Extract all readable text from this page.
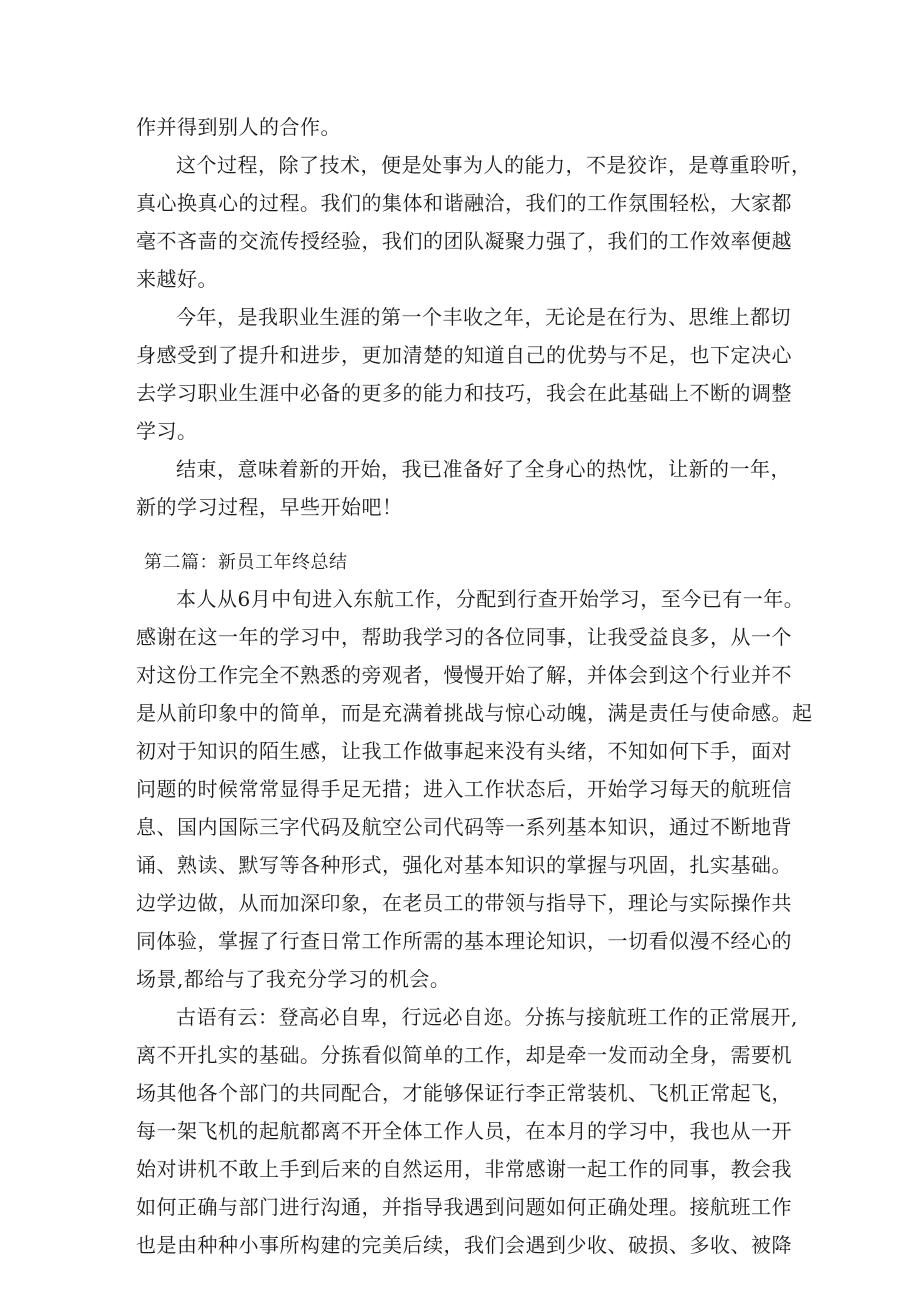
作并得到别人的合作。
这个过程，除了技术，便是处事为人的能力，不是狡诈，是尊重聆听，
真心换真心的过程。我们的集体和谐融洽，我们的工作氛围轻松，大家都
毫不吝啬的交流传授经验，我们的团队凝聚力强了，我们的工作效率便越
来越好。
今年，是我职业生涯的第一个丰收之年，无论是在行为、思维上都切
身感受到了提升和进步，更加清楚的知道自己的优势与不足，也下定决心
去学习职业生涯中必备的更多的能力和技巧，我会在此基础上不断的调整
学习。
结束，意味着新的开始，我已准备好了全身心的热忱，让新的一年，
新的学习过程，早些开始吧！
第二篇：新员工年终总结
本人从6月中旬进入东航工作，分配到行查开始学习，至今已有一年。
感谢在这一年的学习中，帮助我学习的各位同事，让我受益良多，从一个
对这份工作完全不熟悉的旁观者，慢慢开始了解，并体会到这个行业并不
是从前印象中的简单，而是充满着挑战与惊心动魄，满是责任与使命感。起
初对于知识的陌生感，让我工作做事起来没有头绪，不知如何下手，面对
问题的时候常常显得手足无措；进入工作状态后，开始学习每天的航班信
息、国内国际三字代码及航空公司代码等一系列基本知识，通过不断地背
诵、熟读、默写等各种形式，强化对基本知识的掌握与巩固，扎实基础。
边学边做，从而加深印象，在老员工的带领与指导下，理论与实际操作共
同体验，掌握了行查日常工作所需的基本理论知识，一切看似漫不经心的
场景,都给与了我充分学习的机会。
古语有云：登高必自卑，行远必自迩。分拣与接航班工作的正常展开,
离不开扎实的基础。分拣看似简单的工作，却是牵一发而动全身，需要机
场其他各个部门的共同配合，才能够保证行李正常装机、飞机正常起飞，
每一架飞机的起航都离不开全体工作人员，在本月的学习中，我也从一开
始对讲机不敢上手到后来的自然运用，非常感谢一起工作的同事，教会我
如何正确与部门进行沟通，并指导我遇到问题如何正确处理。接航班工作
也是由种种小事所构建的完美后续，我们会遇到少收、破损、多收、被降
